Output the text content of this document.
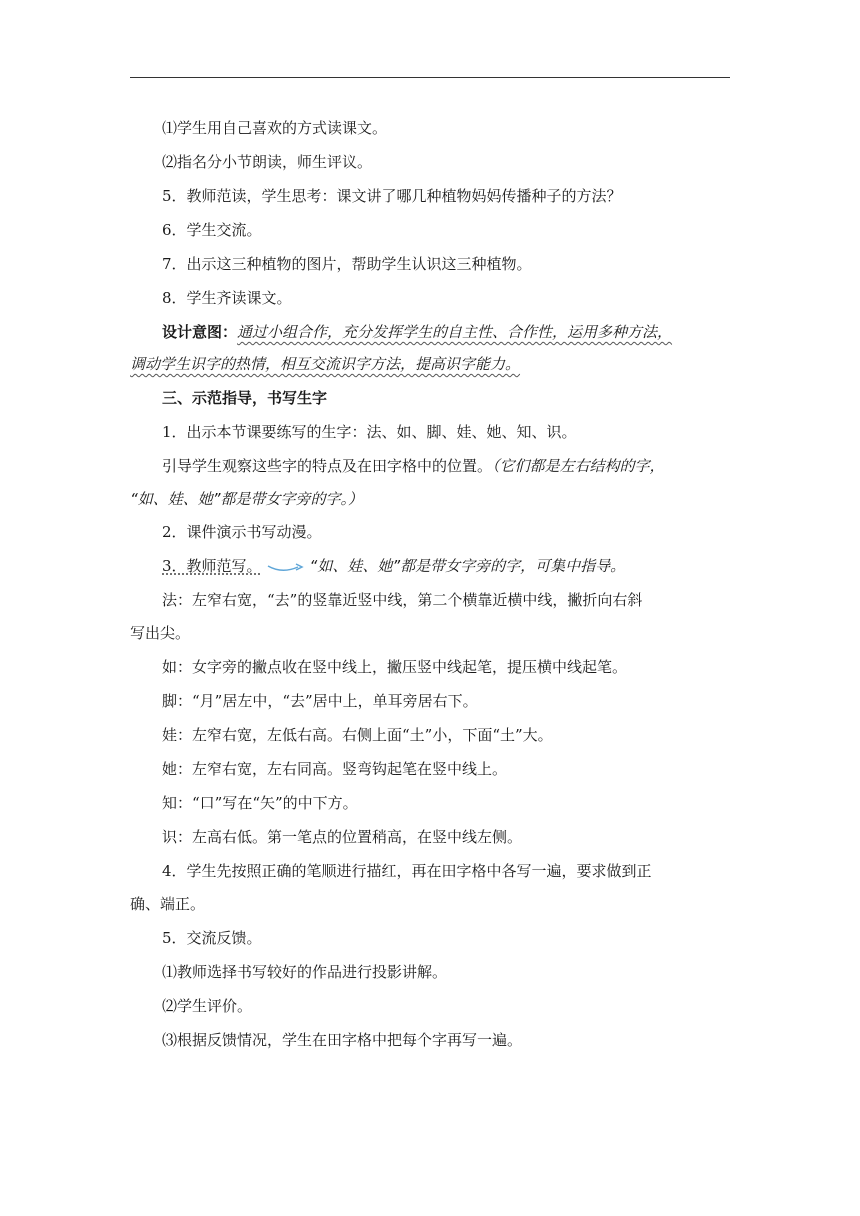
⑴学生用自己喜欢的方式读课文。
⑵指名分小节朗读，师生评议。
5．教师范读，学生思考：课文讲了哪几种植物妈妈传播种子的方法？
6．学生交流。
7．出示这三种植物的图片，帮助学生认识这三种植物。
8．学生齐读课文。
设计意图：通过小组合作，充分发挥学生的自主性、合作性，运用多种方法，
调动学生识字的热情，相互交流识字方法，提高识字能力。
三、示范指导，书写生字
1．出示本节课要练写的生字：法、如、脚、娃、她、知、识。
引导学生观察这些字的特点及在田字格中的位置。（它们都是左右结构的字，
“如、娃、她”都是带女字旁的字。）
2．课件演示书写动漫。
3．教师范写。	“如、娃、她”都是带女字旁的字，可集中指导。
法：左窄右宽，“去”的竖靠近竖中线，第二个横靠近横中线，撇折向右斜
写出尖。
如：女字旁的撇点收在竖中线上，撇压竖中线起笔，提压横中线起笔。
脚：“月”居左中，“去”居中上，单耳旁居右下。
娃：左窄右宽，左低右高。右侧上面“土”小，下面“土”大。
她：左窄右宽，左右同高。竖弯钩起笔在竖中线上。
知：“口”写在“矢”的中下方。
识：左高右低。第一笔点的位置稍高，在竖中线左侧。
4．学生先按照正确的笔顺进行描红，再在田字格中各写一遍，要求做到正
确、端正。
5．交流反馈。
⑴教师选择书写较好的作品进行投影讲解。
⑵学生评价。
⑶根据反馈情况，学生在田字格中把每个字再写一遍。
